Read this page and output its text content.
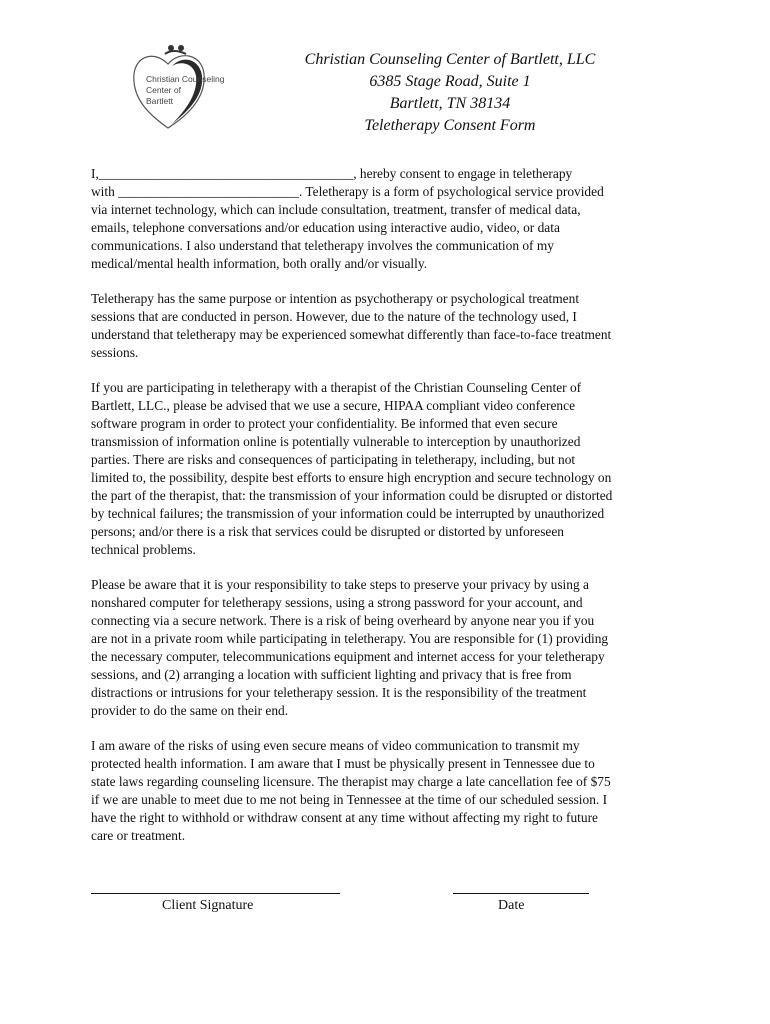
Christian Counseling
Center of
Bartlett
Christian Counseling Center of Bartlett, LLC
6385 Stage Road, Suite 1
Bartlett, TN 38134
Teletherapy Consent Form
I,______________________________________, hereby consent to engage in teletherapy
with ___________________________. Teletherapy is a form of psychological service provided
via internet technology, which can include consultation, treatment, transfer of medical data,
emails, telephone conversations and/or education using interactive audio, video, or data
communications. I also understand that teletherapy involves the communication of my
medical/mental health information, both orally and/or visually.
Teletherapy has the same purpose or intention as psychotherapy or psychological treatment
sessions that are conducted in person. However, due to the nature of the technology used, I
understand that teletherapy may be experienced somewhat differently than face-to-face treatment
sessions.
If you are participating in teletherapy with a therapist of the Christian Counseling Center of
Bartlett, LLC., please be advised that we use a secure, HIPAA compliant video conference
software program in order to protect your confidentiality. Be informed that even secure
transmission of information online is potentially vulnerable to interception by unauthorized
parties. There are risks and consequences of participating in teletherapy, including, but not
limited to, the possibility, despite best efforts to ensure high encryption and secure technology on
the part of the therapist, that: the transmission of your information could be disrupted or distorted
by technical failures; the transmission of your information could be interrupted by unauthorized
persons; and/or there is a risk that services could be disrupted or distorted by unforeseen
technical problems.
Please be aware that it is your responsibility to take steps to preserve your privacy by using a
nonshared computer for teletherapy sessions, using a strong password for your account, and
connecting via a secure network. There is a risk of being overheard by anyone near you if you
are not in a private room while participating in teletherapy. You are responsible for (1) providing
the necessary computer, telecommunications equipment and internet access for your teletherapy
sessions, and (2) arranging a location with sufficient lighting and privacy that is free from
distractions or intrusions for your teletherapy session. It is the responsibility of the treatment
provider to do the same on their end.
I am aware of the risks of using even secure means of video communication to transmit my
protected health information. I am aware that I must be physically present in Tennessee due to
state laws regarding counseling licensure. The therapist may charge a late cancellation fee of $75
if we are unable to meet due to me not being in Tennessee at the time of our scheduled session. I
have the right to withhold or withdraw consent at any time without affecting my right to future
care or treatment.
Client Signature	Date
